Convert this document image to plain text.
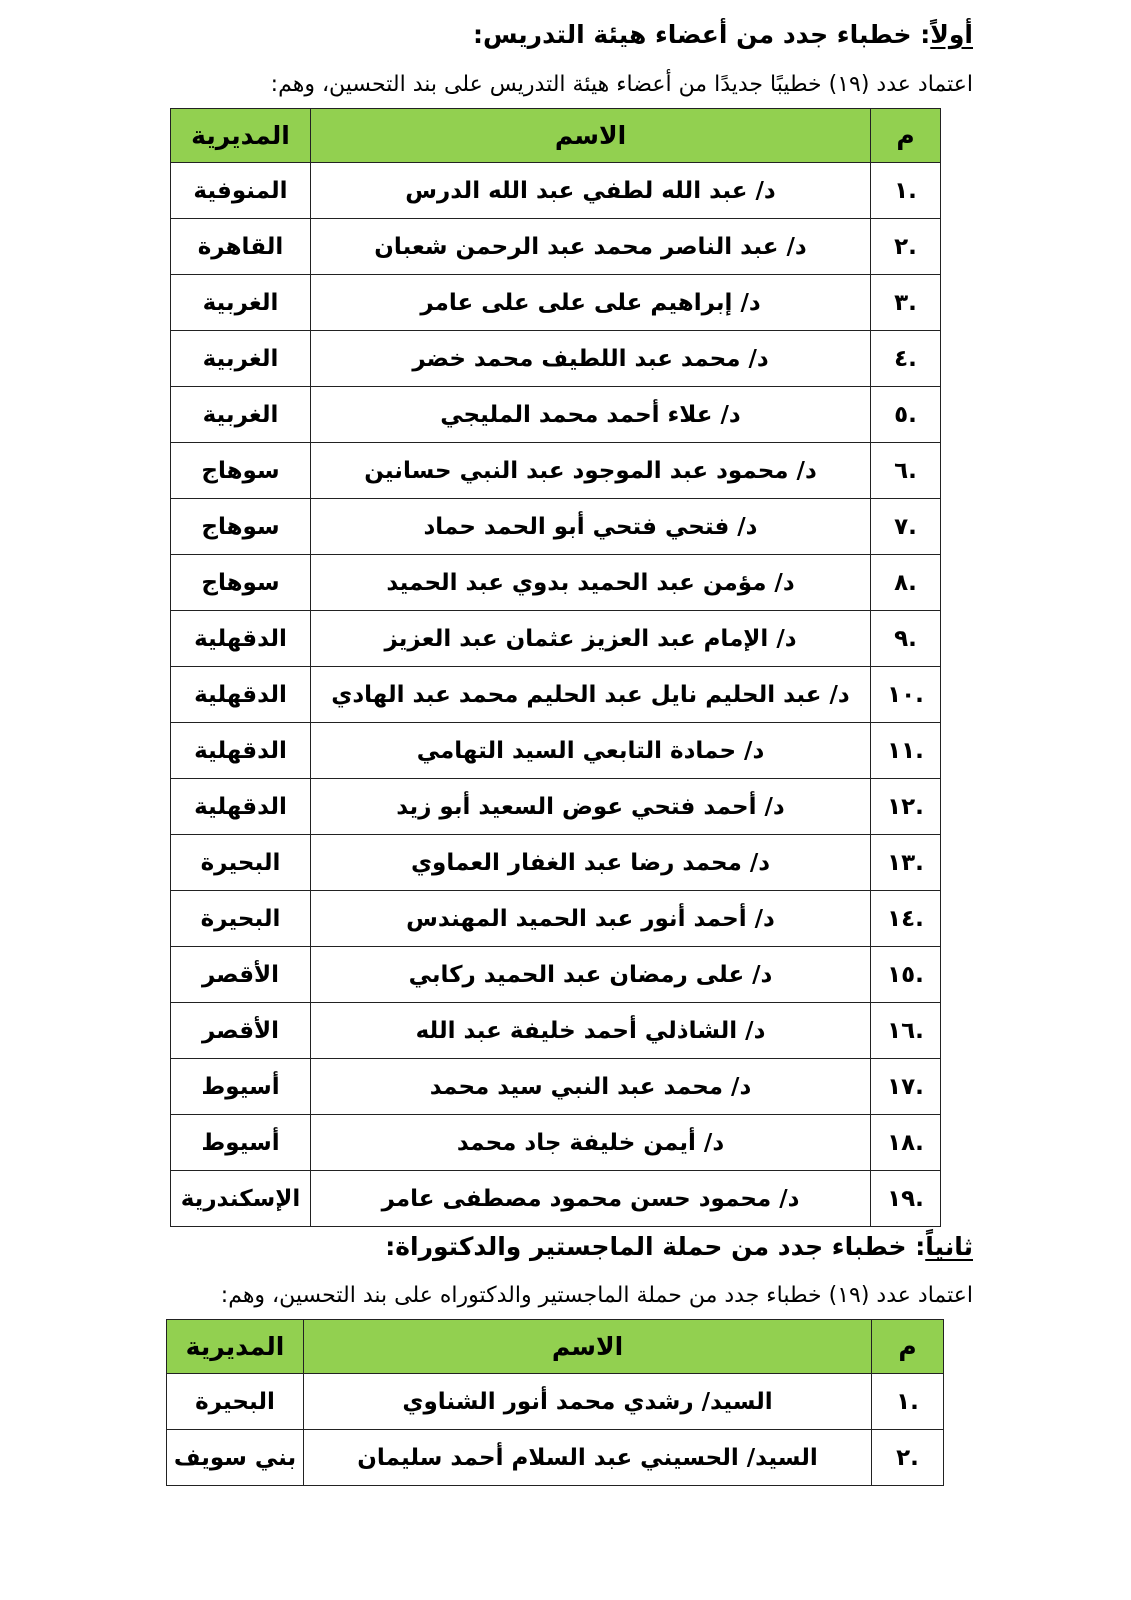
أولاً: خطباء جدد من أعضاء هيئة التدريس:
اعتماد عدد (١٩) خطيبًا جديدًا من أعضاء هيئة التدريس على بند التحسين، وهم:
م	الاسم	المديرية
.١	د/ عبد الله لطفي عبد الله الدرس	المنوفية
.٢	د/ عبد الناصر محمد عبد الرحمن شعبان	القاهرة
.٣	د/ إبراهيم على على على عامر	الغربية
.٤	د/ محمد عبد اللطيف محمد خضر	الغربية
.٥	د/ علاء أحمد محمد المليجي	الغربية
.٦	د/ محمود عبد الموجود عبد النبي حسانين	سوهاج
.٧	د/ فتحي فتحي أبو الحمد حماد	سوهاج
.٨	د/ مؤمن عبد الحميد بدوي عبد الحميد	سوهاج
.٩	د/ الإمام عبد العزيز عثمان عبد العزيز	الدقهلية
.١٠	د/ عبد الحليم نايل عبد الحليم محمد عبد الهادي	الدقهلية
.١١	د/ حمادة التابعي السيد التهامي	الدقهلية
.١٢	د/ أحمد فتحي عوض السعيد أبو زيد	الدقهلية
.١٣	د/ محمد رضا عبد الغفار العماوي	البحيرة
.١٤	د/ أحمد أنور عبد الحميد المهندس	البحيرة
.١٥	د/ على رمضان عبد الحميد ركابي	الأقصر
.١٦	د/ الشاذلي أحمد خليفة عبد الله	الأقصر
.١٧	د/ محمد عبد النبي سيد محمد	أسيوط
.١٨	د/ أيمن خليفة جاد محمد	أسيوط
.١٩	د/ محمود حسن محمود مصطفى عامر	الإسكندرية
ثانياً: خطباء جدد من حملة الماجستير والدكتوراة:
اعتماد عدد (١٩) خطباء جدد من حملة الماجستير والدكتوراه على بند التحسين، وهم:
م	الاسم	المديرية
.١	السيد/ رشدي محمد أنور الشناوي	البحيرة
.٢	السيد/ الحسيني عبد السلام أحمد سليمان	بني سويف
